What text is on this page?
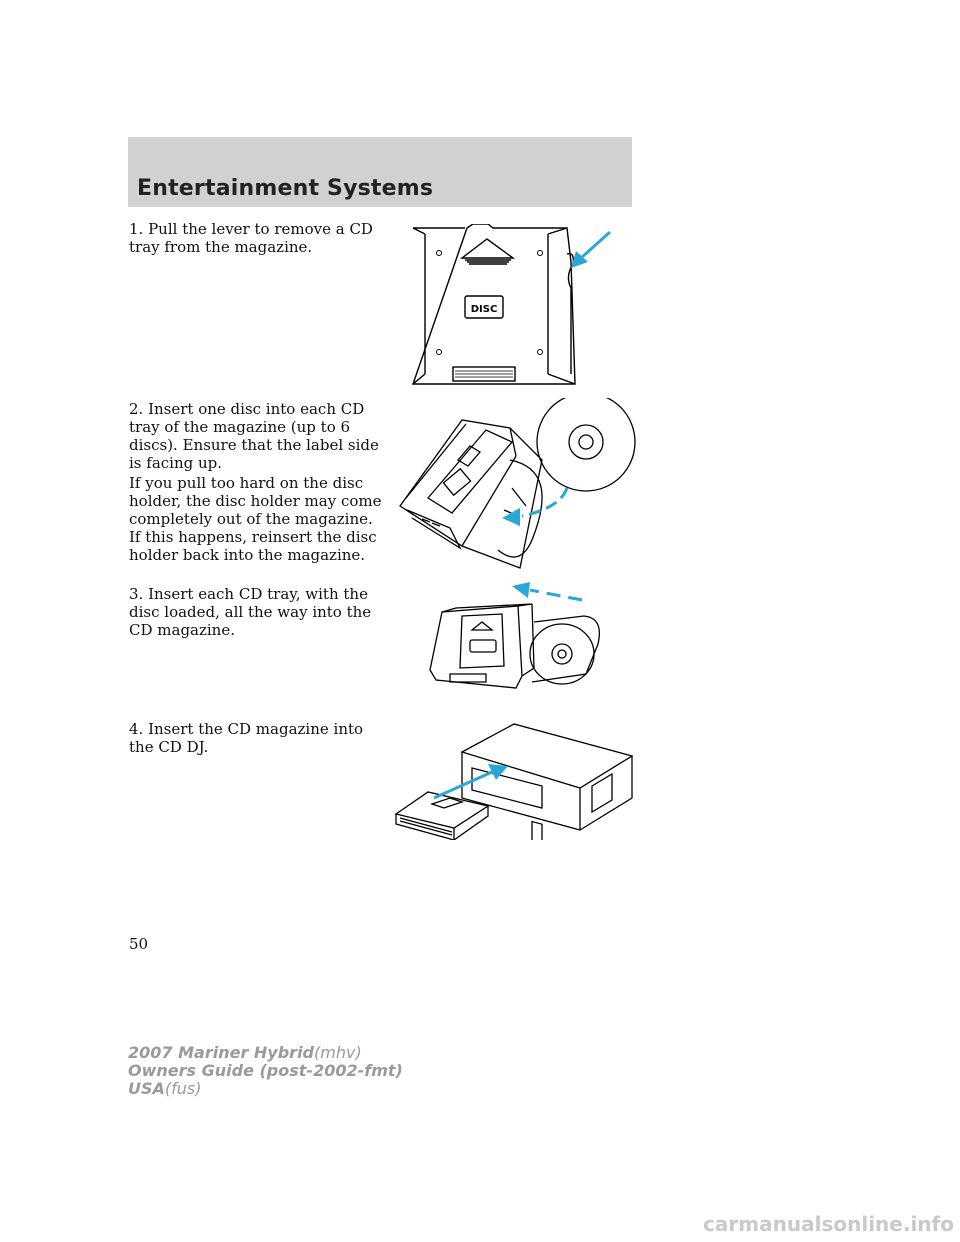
Entertainment Systems
1. Pull the lever to remove a CD tray from the magazine.
2. Insert one disc into each CD tray of the magazine (up to 6 discs). Ensure that the label side is facing up.
If you pull too hard on the disc holder, the disc holder may come completely out of the magazine. If this happens, reinsert the disc holder back into the magazine.
3. Insert each CD tray, with the disc loaded, all the way into the CD magazine.
4. Insert the CD magazine into the CD DJ.
DISC
50
2007 Mariner Hybrid(mhv)
Owners Guide (post-2002-fmt)
USA(fus)
carmanualsonline.info
